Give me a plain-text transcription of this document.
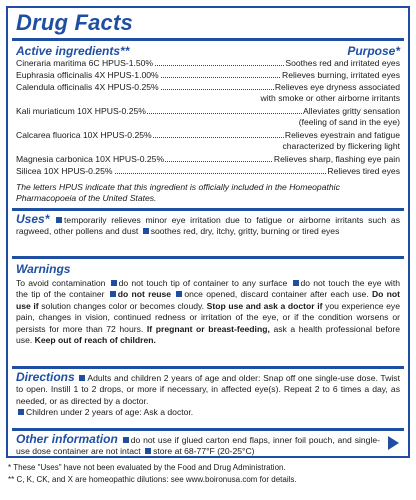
Drug Facts
Active ingredients**	Purpose*
Cineraria maritima 6C HPUS-1.50%	Soothes red and irritated eyes
Euphrasia officinalis 4X HPUS-1.00%	Relieves burning, irritated eyes
Calendula officinalis 4X HPUS-0.25%	Relieves eye dryness associated
with smoke or other airborne irritants
Kali muriaticum 10X HPUS-0.25%	Alleviates gritty sensation
(feeling of sand in the eye)
Calcarea fluorica 10X HPUS-0.25%	Relieves eyestrain and fatigue
characterized by flickering light
Magnesia carbonica 10X HPUS-0.25%	Relieves sharp, flashing eye pain
Silicea 10X HPUS-0.25%	Relieves tired eyes
The letters HPUS indicate that this ingredient is officially included in the Homeopathic Pharmacopoeia of the United States.
Uses* temporarily relieves minor eye irritation due to fatigue or airborne irritants such as ragweed, other pollens and dust soothes red, dry, itchy, gritty, burning or tired eyes
Warnings
To avoid contamination do not touch tip of container to any surface do not touch the eye with the tip of the container do not reuse once opened, discard container after each use. Do not use if solution changes color or becomes cloudy. Stop use and ask a doctor if you experience eye pain, changes in vision, continued redness or irritation of the eye, or if the condition worsens or persists for more than 72 hours. If pregnant or breast-feeding, ask a health professional before use. Keep out of reach of children.
Directions Adults and children 2 years of age and older: Snap off one single-use dose. Twist to open. Instill 1 to 2 drops, or more if necessary, in affected eye(s). Repeat 2 to 6 times a day, as needed, or as directed by a doctor.
Children under 2 years of age: Ask a doctor.
Other information do not use if glued carton end flaps, inner foil pouch, and single-use dose container are not intact store at 68-77°F (20-25°C)
* These "Uses" have not been evaluated by the Food and Drug Administration.
** C, K, CK, and X are homeopathic dilutions: see www.boironusa.com for details.
